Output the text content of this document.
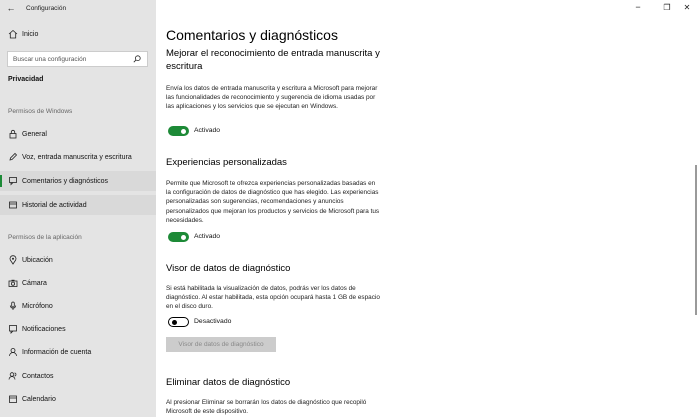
←	Configuración
Inicio
Buscar una configuración
Privacidad
Permisos de Windows
General
Voz, entrada manuscrita y escritura
Comentarios y diagnósticos
Historial de actividad
Permisos de la aplicación
Ubicación
Cámara
Micrófono
Notificaciones
Información de cuenta
Contactos
Calendario
−	❐	✕
Comentarios y diagnósticos
Mejorar el reconocimiento de entrada manuscrita y escritura
Envía los datos de entrada manuscrita y escritura a Microsoft para mejorar las funcionalidades de reconocimiento y sugerencia de idioma usadas por las aplicaciones y los servicios que se ejecutan en Windows.
Activado
Experiencias personalizadas
Permite que Microsoft te ofrezca experiencias personalizadas basadas en la configuración de datos de diagnóstico que has elegido. Las experiencias personalizadas son sugerencias, recomendaciones y anuncios personalizados que mejoran los productos y servicios de Microsoft para tus necesidades.
Activado
Visor de datos de diagnóstico
Si está habilitada la visualización de datos, podrás ver los datos de diagnóstico. Al estar habilitada, esta opción ocupará hasta 1 GB de espacio en el disco duro.
Desactivado
Visor de datos de diagnóstico
Eliminar datos de diagnóstico
Al presionar Eliminar se borrarán los datos de diagnóstico que recopiló Microsoft de este dispositivo.
